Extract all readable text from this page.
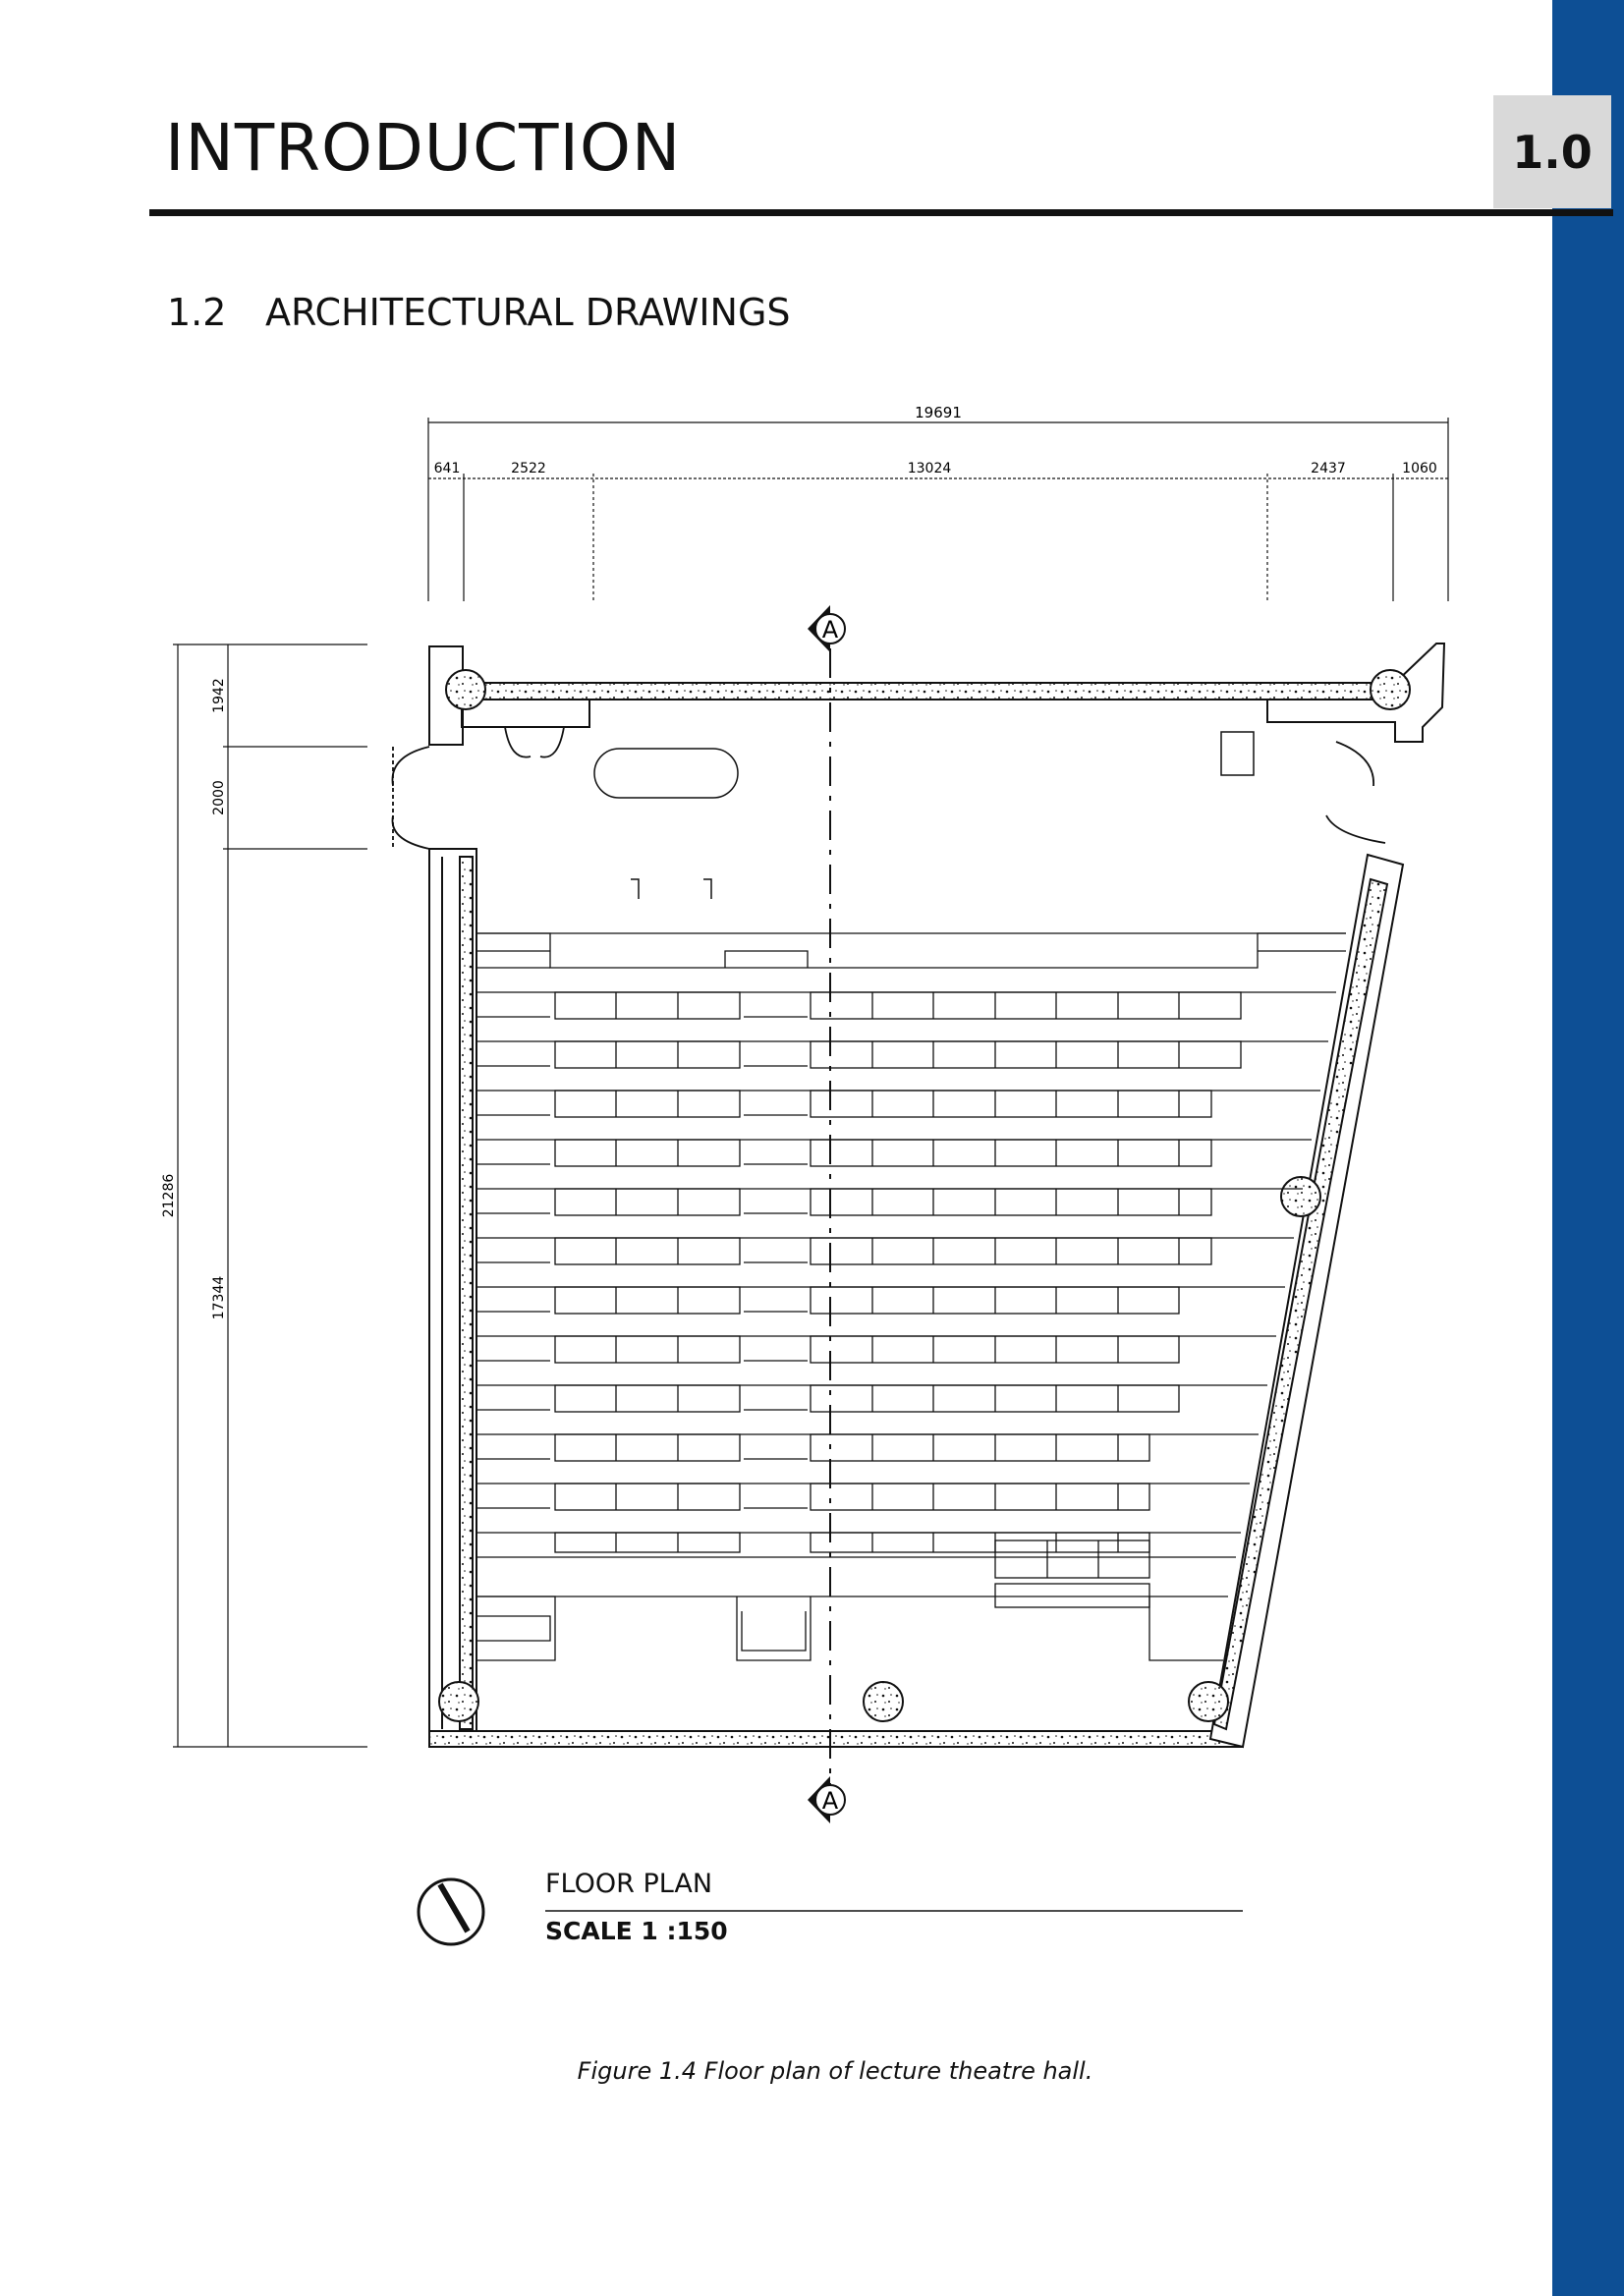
1.0
INTRODUCTION
1.2 ARCHITECTURAL DRAWINGS
19691
641	2522	13024	2437	1060
21286
1942
2000
17344
A
A
FLOOR PLAN
SCALE 1 :150
Figure 1.4 Floor plan of lecture theatre hall.
